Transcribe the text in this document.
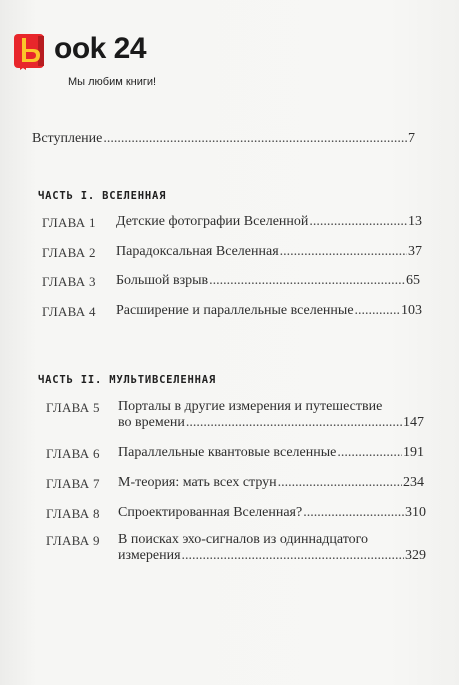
ook 24
Мы любим книги!
Вступление .....	7
ЧАСТЬ I. ВСЕЛЕННАЯ
ГЛАВА 1 Детские фотографии Вселенной .....	13
ГЛАВА 2 Парадоксальная Вселенная .....	37
ГЛАВА 3 Большой взрыв .....	65
ГЛАВА 4 Расширение и параллельные вселенные .....	103
ЧАСТЬ II. МУЛЬТИВСЕЛЕННАЯ
ГЛАВА 5 Порталы в другие измерения и путешествие
во времени .....	147
ГЛАВА 6 Параллельные квантовые вселенные .....	191
ГЛАВА 7 М-теория: мать всех струн .....	234
ГЛАВА 8 Спроектированная Вселенная? .....	310
ГЛАВА 9 В поисках эхо-сигналов из одиннадцатого
измерения .....	329
